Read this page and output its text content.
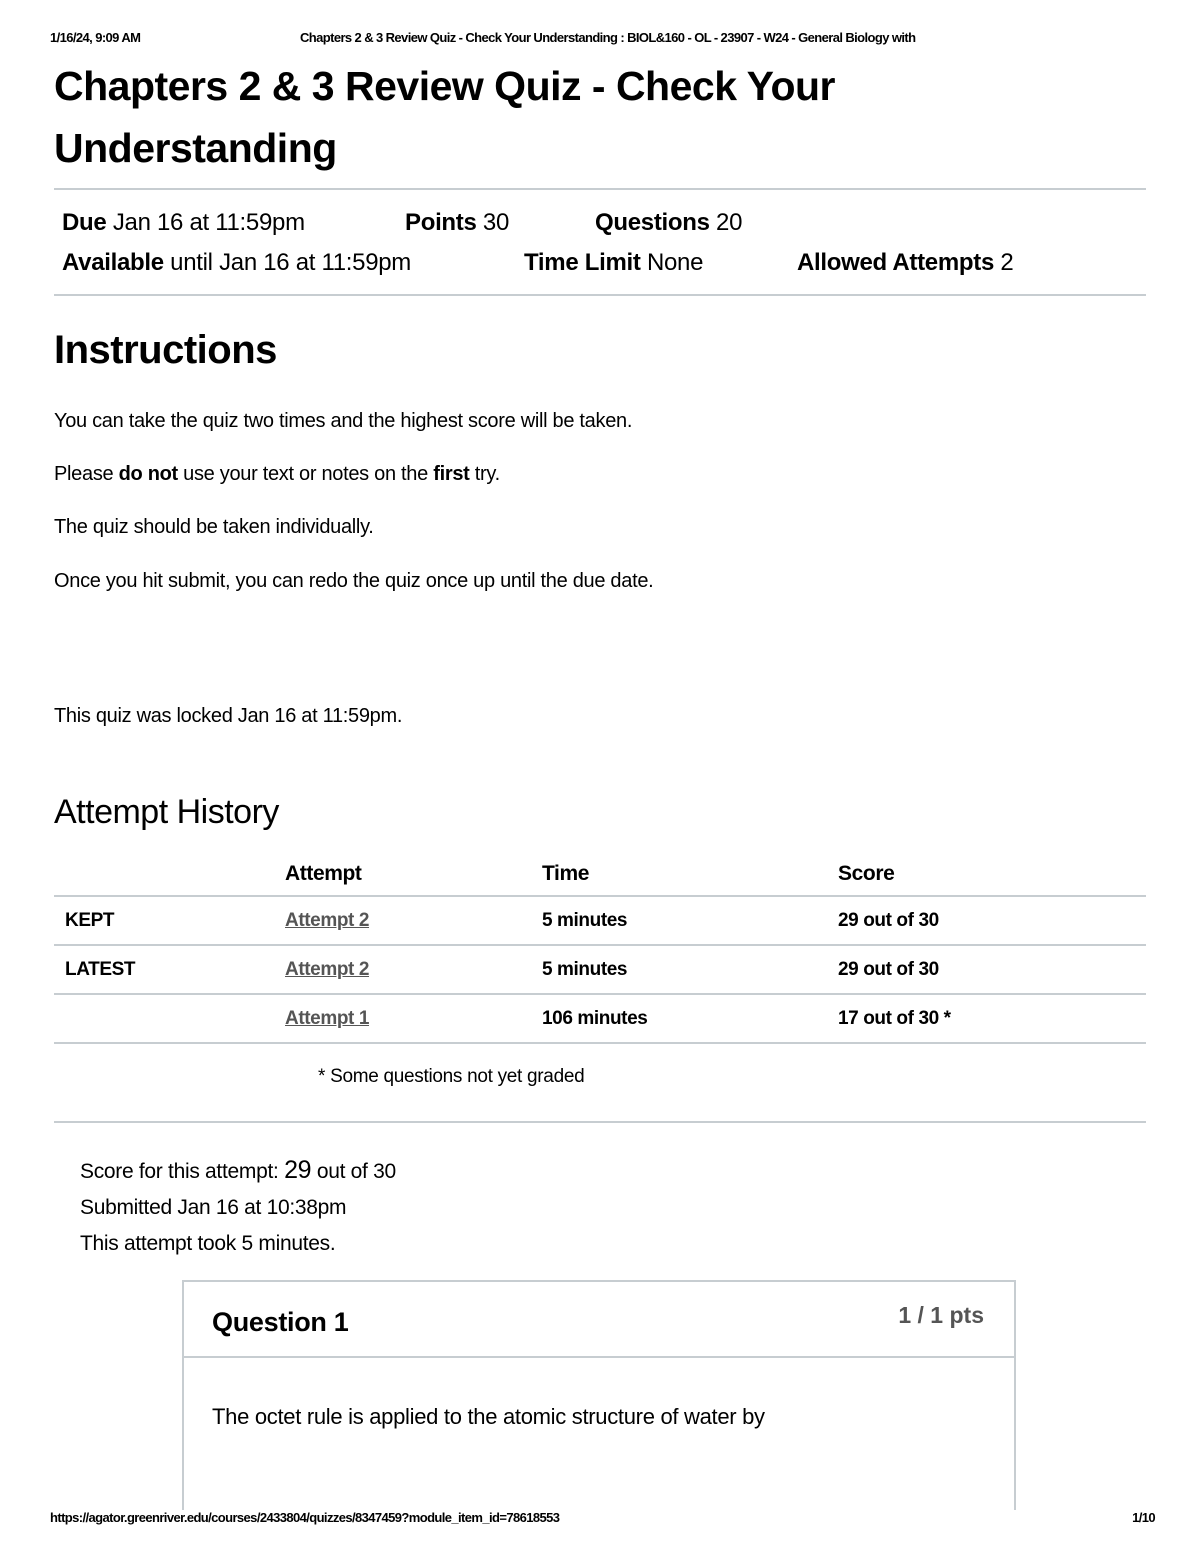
1/16/24, 9:09 AM	Chapters 2 & 3 Review Quiz - Check Your Understanding : BIOL&160 - OL - 23907 - W24 - General Biology with
Chapters 2 & 3 Review Quiz - Check Your Understanding
Due Jan 16 at 11:59pm	Points 30	Questions 20
Available until Jan 16 at 11:59pm	Time Limit None	Allowed Attempts 2
Instructions
You can take the quiz two times and the highest score will be taken.
Please do not use your text or notes on the first try.
The quiz should be taken individually.
Once you hit submit, you can redo the quiz once up until the due date.
This quiz was locked Jan 16 at 11:59pm.
Attempt History
	Attempt	Time	Score
KEPT	Attempt 2	5 minutes	29 out of 30
LATEST	Attempt 2	5 minutes	29 out of 30
	Attempt 1	106 minutes	17 out of 30 *
* Some questions not yet graded
Score for this attempt: 29 out of 30
Submitted Jan 16 at 10:38pm
This attempt took 5 minutes.
Question 1	1 / 1 pts
The octet rule is applied to the atomic structure of water by
https://agator.greenriver.edu/courses/2433804/quizzes/8347459?module_item_id=78618553	1/10
